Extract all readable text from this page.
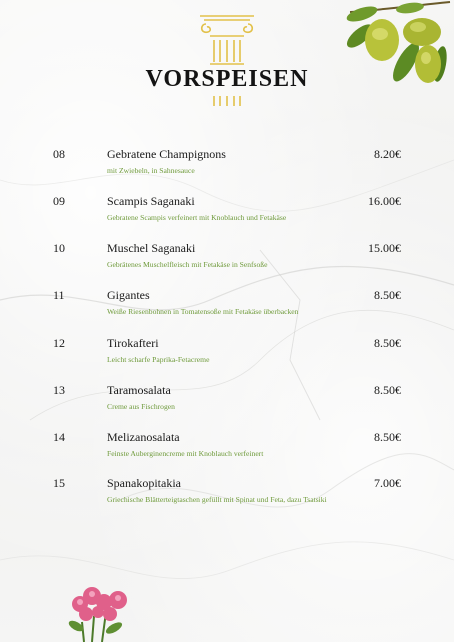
VORSPEISEN
08	Gebratene Champignons	8.20€
mit Zwiebeln, in Sahnesauce
09	Scampis Saganaki	16.00€
Gebratene Scampis verfeinert mit Knoblauch und Fetakäse
10	Muschel Saganaki	15.00€
Gebrätenes Muschelfleisch mit Fetakäse in Senfsoße
11	Gigantes	8.50€
Weiße Riesenbohnen in Tomatensoße mit Fetakäse überbacken
12	Tirokafteri	8.50€
Leicht scharfe Paprika-Fetacreme
13	Taramosalata	8.50€
Creme aus Fischrogen
14	Melizanosalata	8.50€
Feinste Auberginencreme mit Knoblauch verfeinert
15	Spanakopitakia	7.00€
Griechische Blätterteigtaschen gefüllt mit Spinat und Feta, dazu Tsatsiki
